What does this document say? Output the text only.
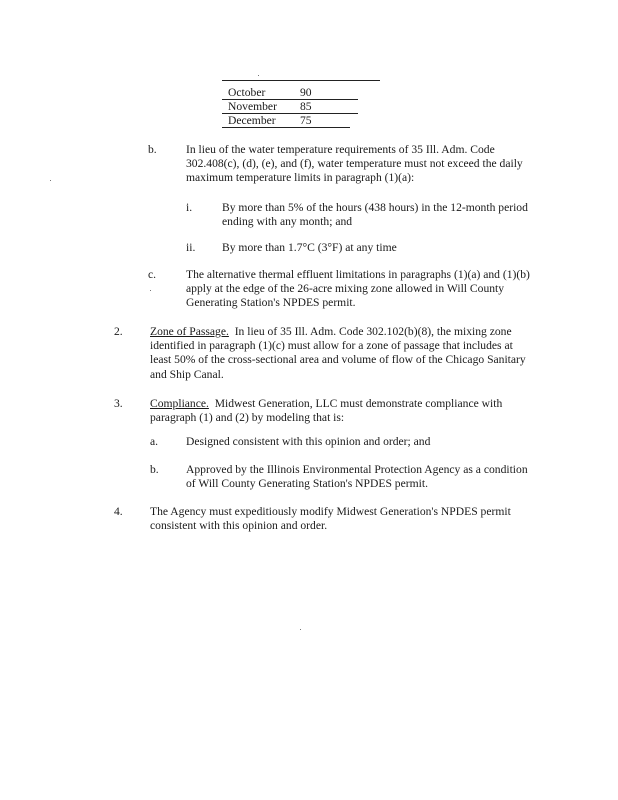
October	90
November 85
December 75
b.	In lieu of the water temperature requirements of 35 Ill. Adm. Code
302.408(c), (d), (e), and (f), water temperature must not exceed the daily
maximum temperature limits in paragraph (1)(a):
i.	By more than 5% of the hours (438 hours) in the 12-month period
ending with any month; and
ii. By more than 1.7°C (3°F) at any time
c.	The alternative thermal effluent limitations in paragraphs (1)(a) and (1)(b)
apply at the edge of the 26-acre mixing zone allowed in Will County
Generating Station's NPDES permit.
2. Zone of Passage. In lieu of 35 Ill. Adm. Code 302.102(b)(8), the mixing zone
identified in paragraph (1)(c) must allow for a zone of passage that includes at
least 50% of the cross-sectional area and volume of flow of the Chicago Sanitary
and Ship Canal.
3. Compliance. Midwest Generation, LLC must demonstrate compliance with
paragraph (1) and (2) by modeling that is:
a. Designed consistent with this opinion and order; and
b. Approved by the Illinois Environmental Protection Agency as a condition
of Will County Generating Station's NPDES permit.
4. The Agency must expeditiously modify Midwest Generation's NPDES permit
consistent with this opinion and order.
